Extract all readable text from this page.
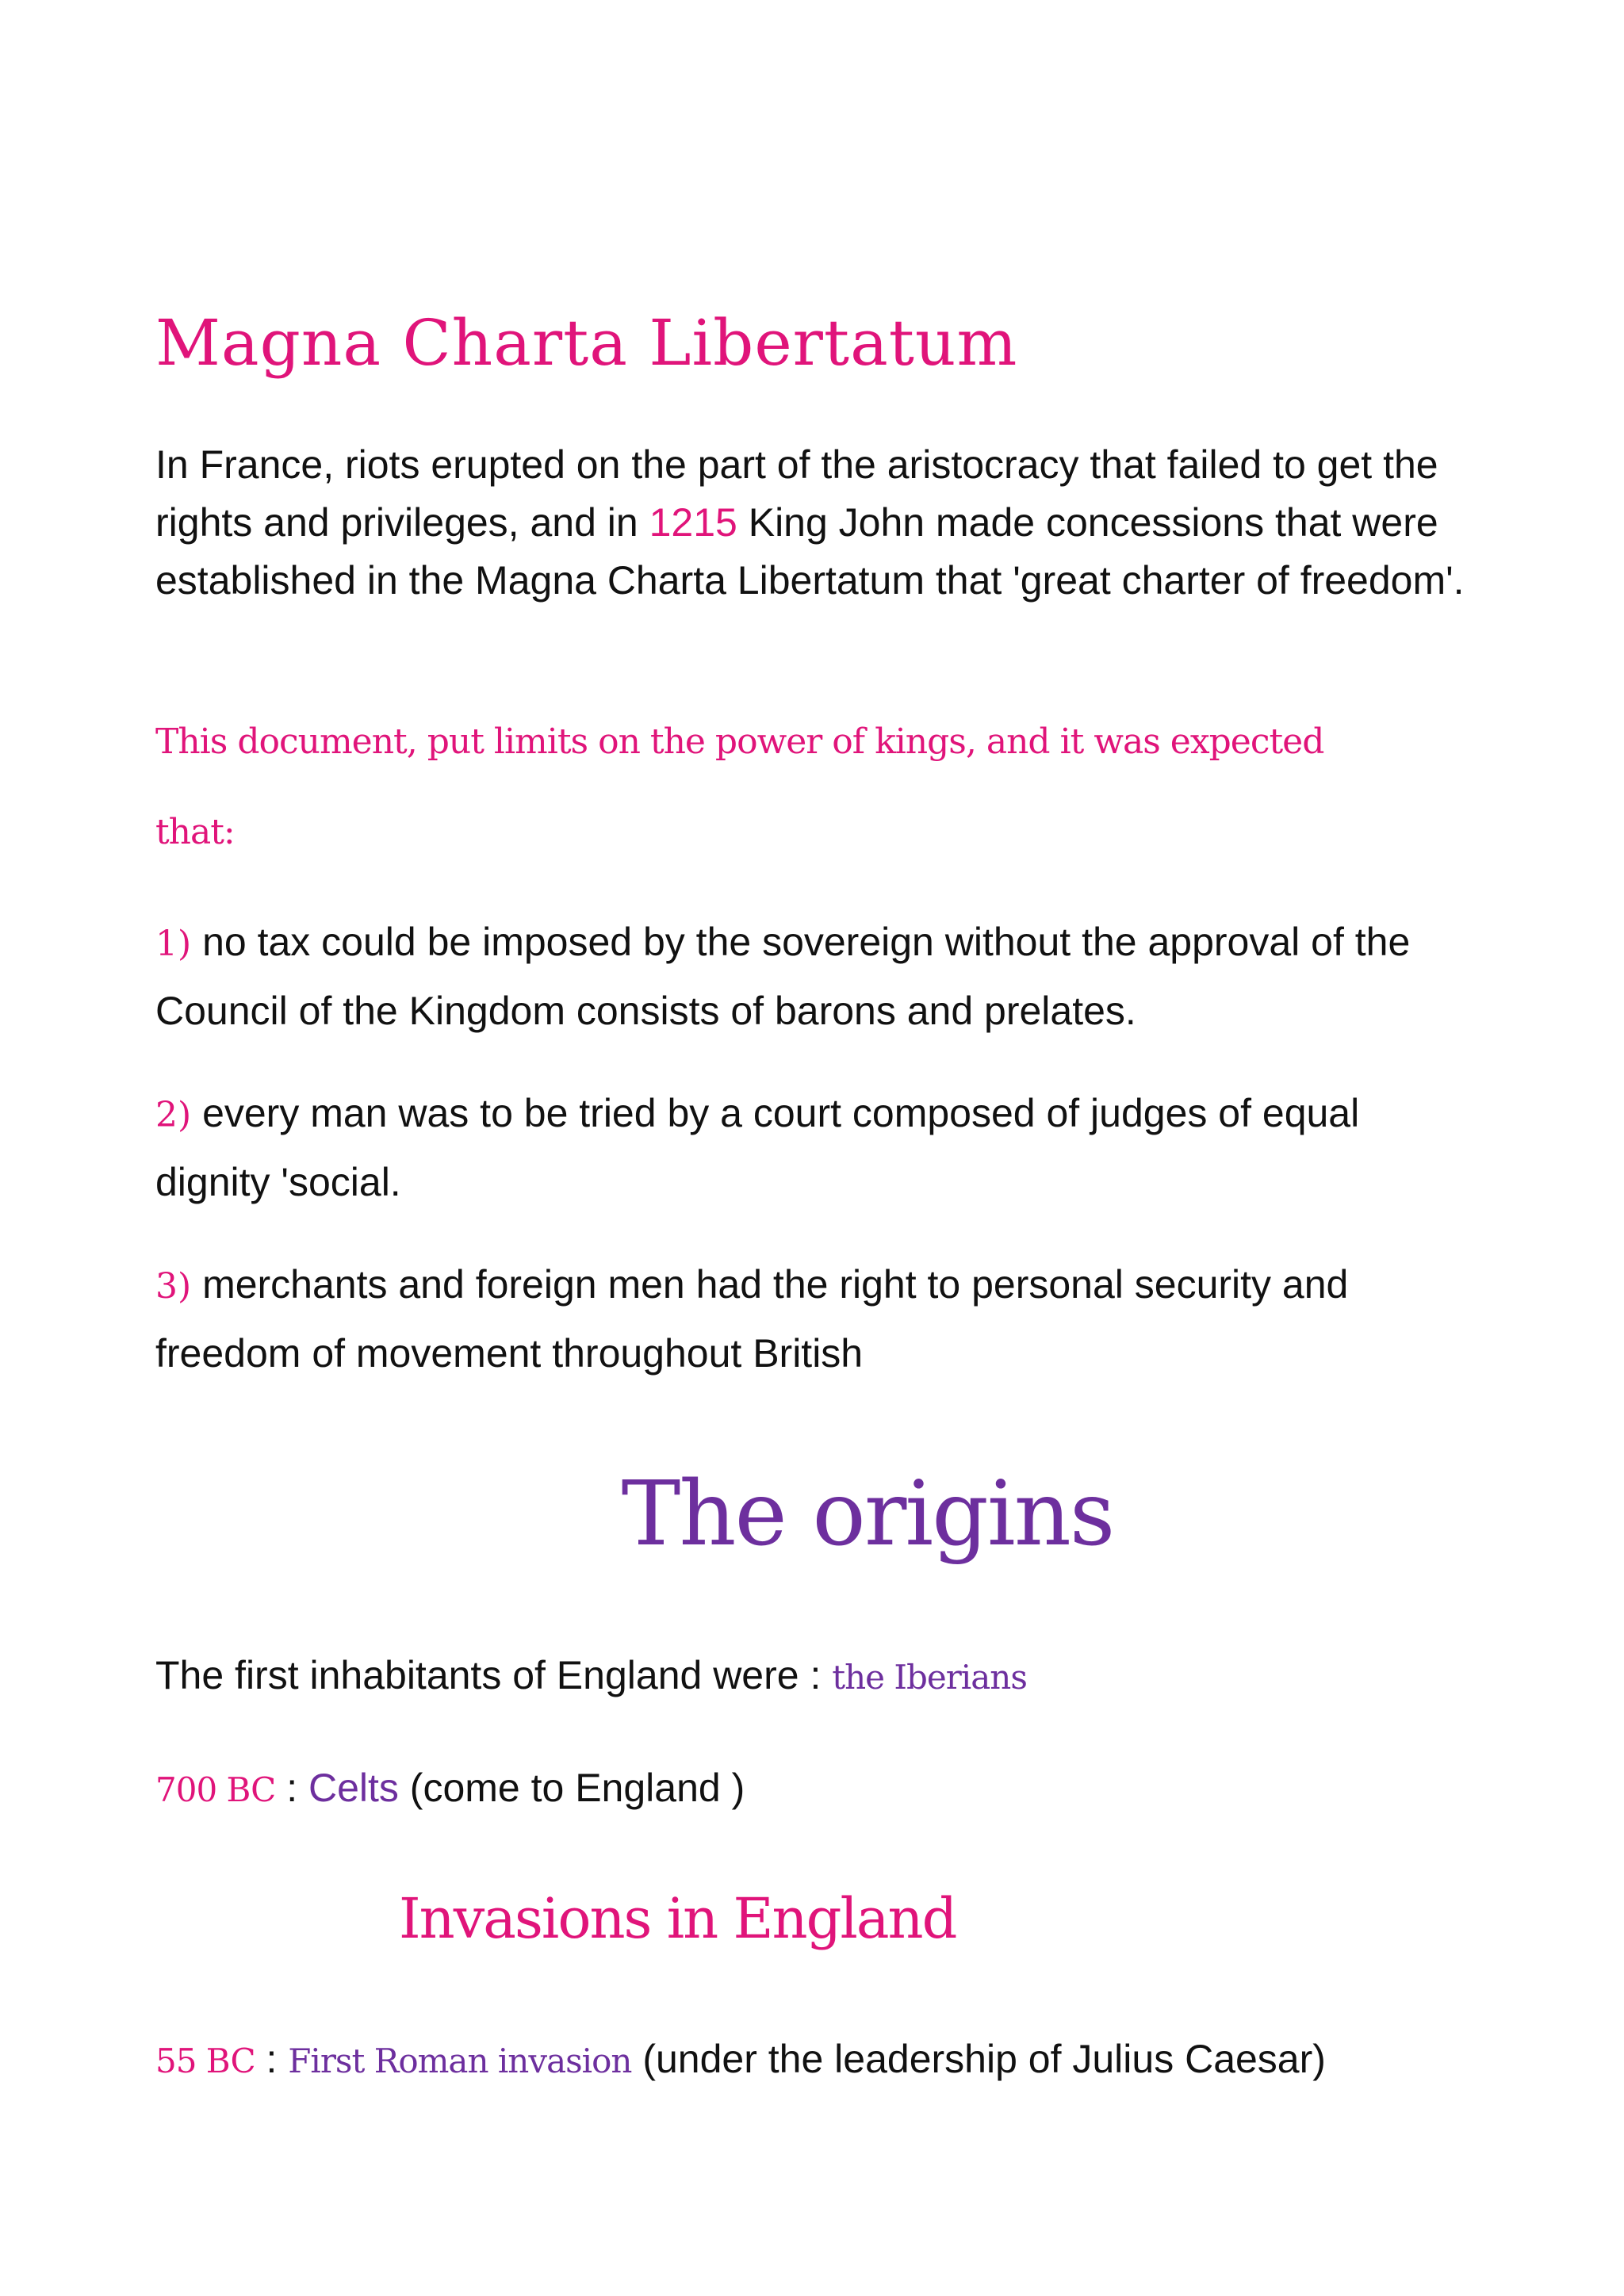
Magna Charta Libertatum

In France, riots erupted on the part of the aristocracy that failed to get the rights and privileges, and in 1215 King John made concessions that were established in the Magna Charta Libertatum that 'great charter of freedom'.

This document, put limits on the power of kings, and it was expected

that:

1) no tax could be imposed by the sovereign without the approval of the Council of the Kingdom consists of barons and prelates.

2) every man was to be tried by a court composed of judges of equal dignity 'social.

3) merchants and foreign men had the right to personal security and freedom of movement throughout British

The origins

The first inhabitants of England were : the Iberians

700 BC : Celts (come to England )

Invasions in England

55 BC : First Roman invasion (under the leadership of Julius Caesar)
